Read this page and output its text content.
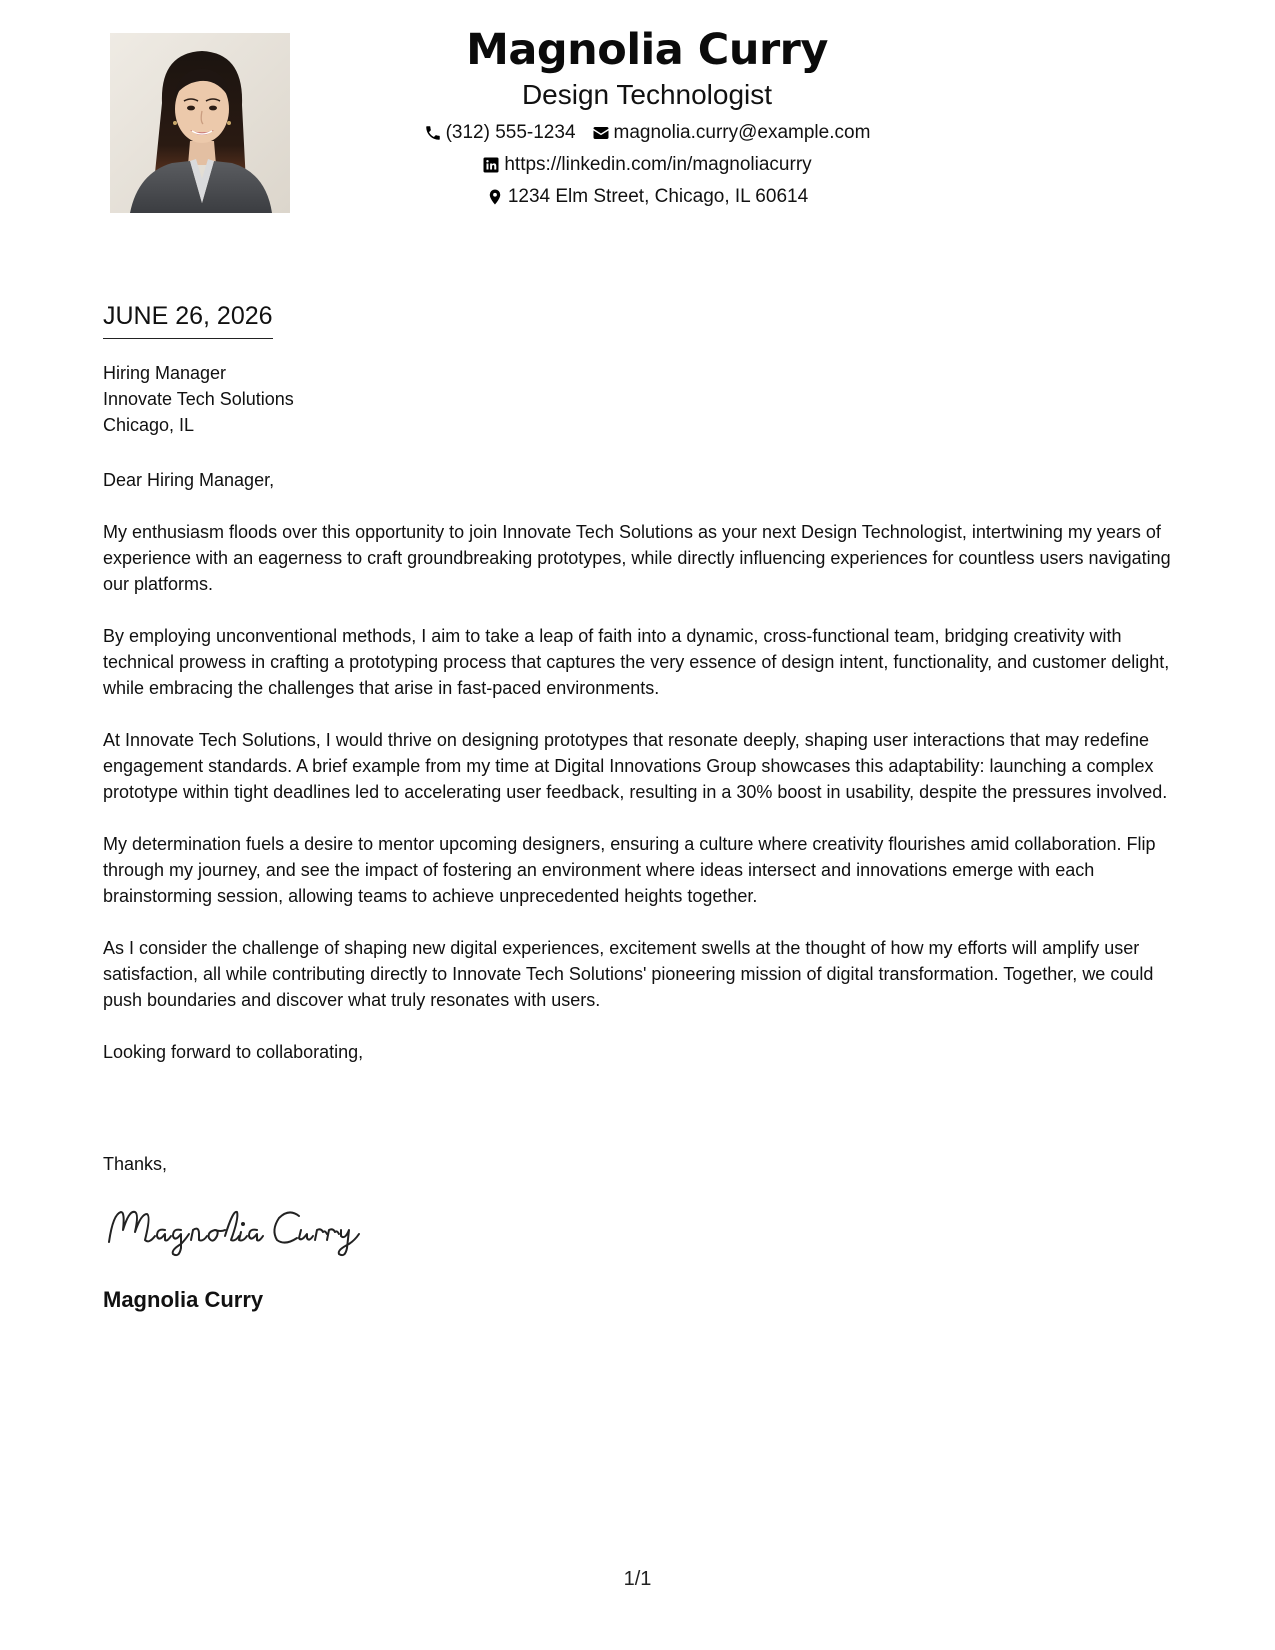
Magnolia Curry
Design Technologist
(312) 555-1234 magnolia.curry@example.com
https://linkedin.com/in/magnoliacurry
1234 Elm Street, Chicago, IL 60614
JUNE 26, 2026
Hiring Manager
Innovate Tech Solutions
Chicago, IL

Dear Hiring Manager,

My enthusiasm floods over this opportunity to join Innovate Tech Solutions as your next Design Technologist, intertwining my years of experience with an eagerness to craft groundbreaking prototypes, while directly influencing experiences for countless users navigating our platforms.

By employing unconventional methods, I aim to take a leap of faith into a dynamic, cross-functional team, bridging creativity with technical prowess in crafting a prototyping process that captures the very essence of design intent, functionality, and customer delight, while embracing the challenges that arise in fast-paced environments.

At Innovate Tech Solutions, I would thrive on designing prototypes that resonate deeply, shaping user interactions that may redefine engagement standards. A brief example from my time at Digital Innovations Group showcases this adaptability: launching a complex prototype within tight deadlines led to accelerating user feedback, resulting in a 30% boost in usability, despite the pressures involved.

My determination fuels a desire to mentor upcoming designers, ensuring a culture where creativity flourishes amid collaboration. Flip through my journey, and see the impact of fostering an environment where ideas intersect and innovations emerge with each brainstorming session, allowing teams to achieve unprecedented heights together.

As I consider the challenge of shaping new digital experiences, excitement swells at the thought of how my efforts will amplify user satisfaction, all while contributing directly to Innovate Tech Solutions' pioneering mission of digital transformation. Together, we could push boundaries and discover what truly resonates with users.

Looking forward to collaborating,

Thanks,
Magnolia Curry
1/1
